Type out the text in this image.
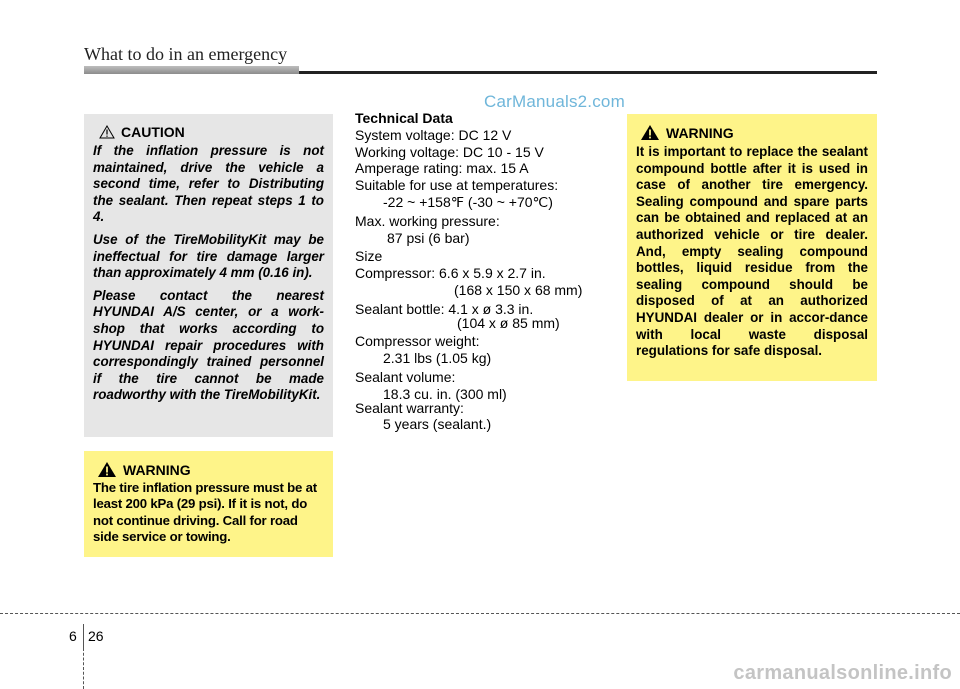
What to do in an emergency
CarManuals2.com
CAUTION

If the inflation pressure is not maintained, drive the vehicle a second time, refer to Distributing the sealant. Then repeat steps 1 to 4.

Use of the TireMobilityKit may be ineffectual for tire damage larger than approximately 4 mm (0.16 in).

Please contact the nearest HYUNDAI A/S center, or a work-shop that works according to HYUNDAI repair procedures with correspondingly trained personnel if the tire cannot be made roadworthy with the TireMobilityKit.

WARNING

The tire inflation pressure must be at least 200 kPa (29 psi). If it is not, do not continue driving. Call for road side service or towing.

Technical Data
System voltage: DC 12 V
Working voltage: DC 10 - 15 V
Amperage rating: max. 15 A
Suitable for use at temperatures:
-22 ~ +158℉ (-30 ~ +70℃)
Max. working pressure:
87 psi (6 bar)
Size
Compressor: 6.6 x 5.9 x 2.7 in.
(168 x 150 x 68 mm)
Sealant bottle: 4.1 x ø 3.3 in.
(104 x ø 85 mm)
Compressor weight:
2.31 lbs (1.05 kg)
Sealant volume:
18.3 cu. in. (300 ml)
Sealant warranty:
5 years (sealant.)
WARNING

It is important to replace the sealant compound bottle after it is used in case of another tire emergency. Sealing compound and spare parts can be obtained and replaced at an authorized vehicle or tire dealer. And, empty sealing compound bottles, liquid residue from the sealing compound should be disposed of at an authorized HYUNDAI dealer or in accor-dance with local waste disposal regulations for safe disposal.

6 26
carmanualsonline.info
